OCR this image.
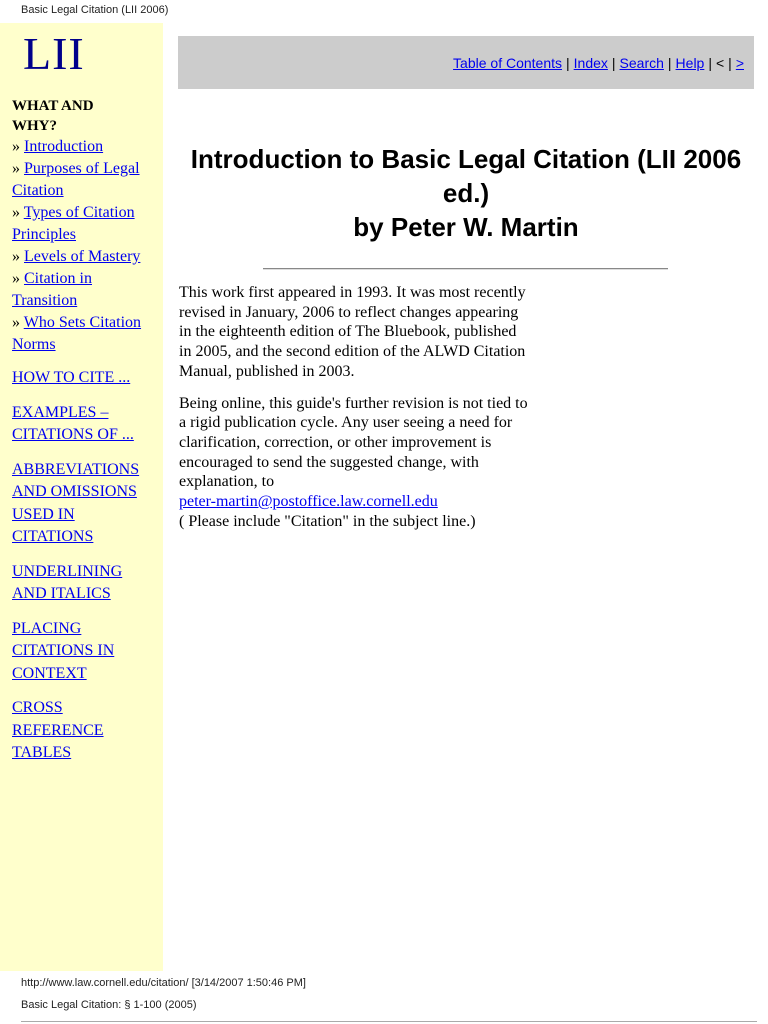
Basic Legal Citation (LII 2006)
LII
WHAT AND WHY?
» Introduction
» Purposes of Legal Citation
» Types of Citation Principles
» Levels of Mastery
» Citation in Transition
» Who Sets Citation Norms
HOW TO CITE ...
EXAMPLES – CITATIONS OF ...
ABBREVIATIONS AND OMISSIONS USED IN CITATIONS
UNDERLINING AND ITALICS
PLACING CITATIONS IN CONTEXT
CROSS REFERENCE TABLES
Table of Contents | Index | Search | Help | < | >
Introduction to Basic Legal Citation (LII 2006 ed.)
by Peter W. Martin

This work first appeared in 1993. It was most recently revised in January, 2006 to reflect changes appearing in the eighteenth edition of The Bluebook, published in 2005, and the second edition of the ALWD Citation Manual, published in 2003.

Being online, this guide's further revision is not tied to a rigid publication cycle. Any user seeing a need for clarification, correction, or other improvement is encouraged to send the suggested change, with explanation, to
peter-martin@postoffice.law.cornell.edu
( Please include "Citation" in the subject line.)

http://www.law.cornell.edu/citation/ [3/14/2007 1:50:46 PM]
Basic Legal Citation: § 1-100 (2005)
